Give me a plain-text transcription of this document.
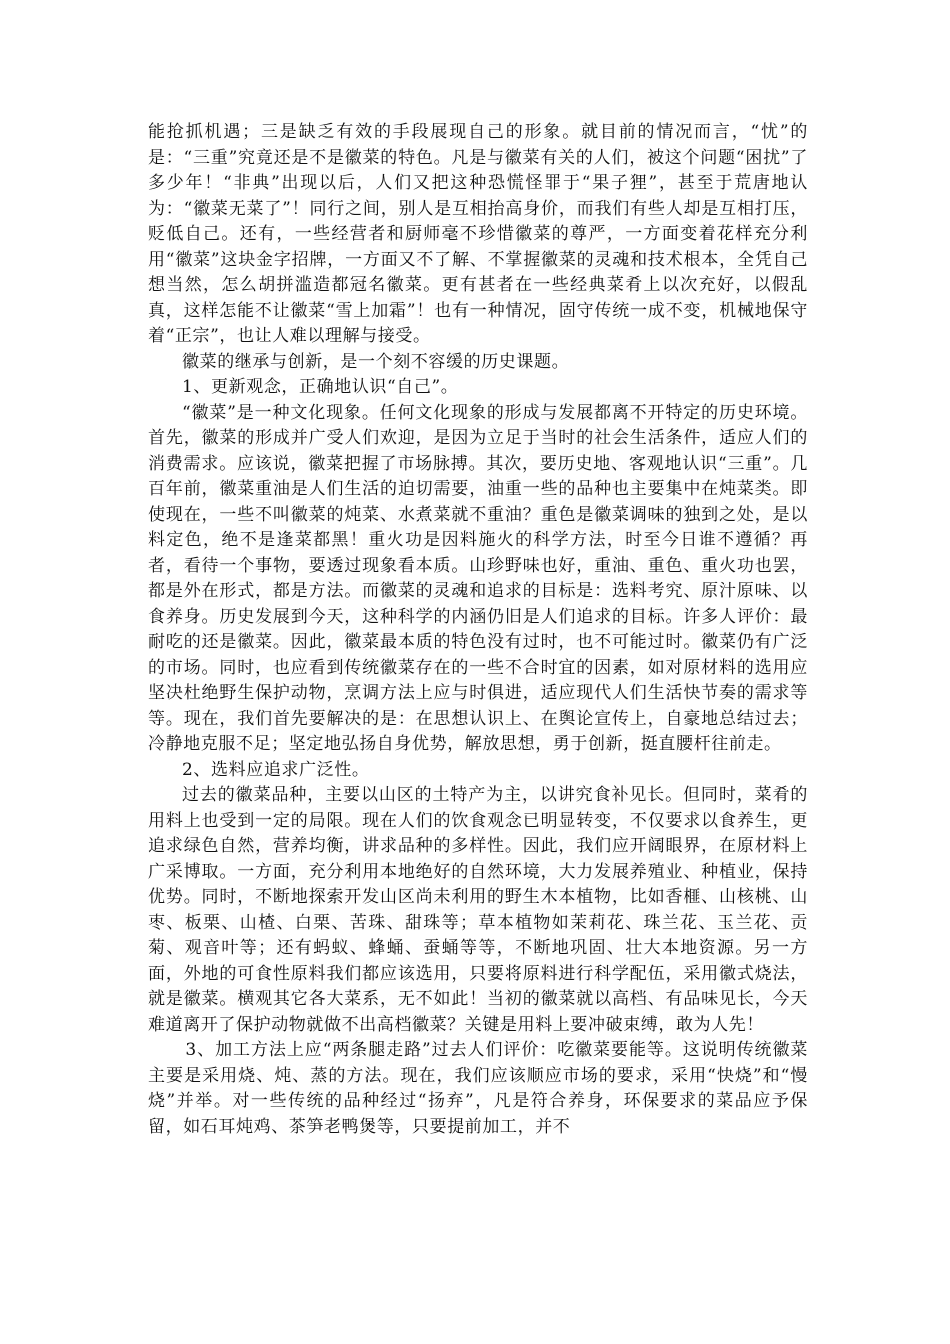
能抢抓机遇；三是缺乏有效的手段展现自己的形象。就目前的情况而言，“忧”的是：“三重”究竟还是不是徽菜的特色。凡是与徽菜有关的人们，被这个问题“困扰”了多少年！“非典”出现以后，人们又把这种恐慌怪罪于“果子狸”，甚至于荒唐地认为：“徽菜无菜了”！同行之间，别人是互相抬高身价，而我们有些人却是互相打压，贬低自己。还有，一些经营者和厨师毫不珍惜徽菜的尊严，一方面变着花样充分利用“徽菜”这块金字招牌，一方面又不了解、不掌握徽菜的灵魂和技术根本，全凭自己想当然，怎么胡拼滥造都冠名徽菜。更有甚者在一些经典菜肴上以次充好，以假乱真，这样怎能不让徽菜“雪上加霜”！也有一种情况，固守传统一成不变，机械地保守着“正宗”，也让人难以理解与接受。

徽菜的继承与创新，是一个刻不容缓的历史课题。

1、更新观念，正确地认识“自己”。

“徽菜”是一种文化现象。任何文化现象的形成与发展都离不开特定的历史环境。首先，徽菜的形成并广受人们欢迎，是因为立足于当时的社会生活条件，适应人们的消费需求。应该说，徽菜把握了市场脉搏。其次，要历史地、客观地认识“三重”。几百年前，徽菜重油是人们生活的迫切需要，油重一些的品种也主要集中在炖菜类。即使现在，一些不叫徽菜的炖菜、水煮菜就不重油？重色是徽菜调味的独到之处，是以料定色，绝不是逢菜都黑！重火功是因料施火的科学方法，时至今日谁不遵循？再者，看待一个事物，要透过现象看本质。山珍野味也好，重油、重色、重火功也罢，都是外在形式，都是方法。而徽菜的灵魂和追求的目标是：选料考究、原汁原味、以食养身。历史发展到今天，这种科学的内涵仍旧是人们追求的目标。许多人评价：最耐吃的还是徽菜。因此，徽菜最本质的特色没有过时，也不可能过时。徽菜仍有广泛的市场。同时，也应看到传统徽菜存在的一些不合时宜的因素，如对原材料的选用应坚决杜绝野生保护动物，烹调方法上应与时俱进，适应现代人们生活快节奏的需求等等。现在，我们首先要解决的是：在思想认识上、在舆论宣传上，自豪地总结过去；冷静地克服不足；坚定地弘扬自身优势，解放思想，勇于创新，挺直腰杆往前走。

2、选料应追求广泛性。

过去的徽菜品种，主要以山区的土特产为主，以讲究食补见长。但同时，菜肴的用料上也受到一定的局限。现在人们的饮食观念已明显转变，不仅要求以食养生，更追求绿色自然，营养均衡，讲求品种的多样性。因此，我们应开阔眼界，在原材料上广采博取。一方面，充分利用本地绝好的自然环境，大力发展养殖业、种植业，保持优势。同时，不断地探索开发山区尚未利用的野生木本植物，比如香榧、山核桃、山枣、板栗、山楂、白栗、苦珠、甜珠等；草本植物如茉莉花、珠兰花、玉兰花、贡菊、观音叶等；还有蚂蚁、蜂蛹、蚕蛹等等，不断地巩固、壮大本地资源。另一方面，外地的可食性原料我们都应该选用，只要将原料进行科学配伍，采用徽式烧法，就是徽菜。横观其它各大菜系，无不如此！当初的徽菜就以高档、有品味见长，今天难道离开了保护动物就做不出高档徽菜？关键是用料上要冲破束缚，敢为人先！

3、加工方法上应“两条腿走路”过去人们评价：吃徽菜要能等。这说明传统徽菜主要是采用烧、炖、蒸的方法。现在，我们应该顺应市场的要求，采用“快烧”和“慢烧”并举。对一些传统的品种经过“扬弃”，凡是符合养身，环保要求的菜品应予保留，如石耳炖鸡、茶笋老鸭煲等，只要提前加工，并不
